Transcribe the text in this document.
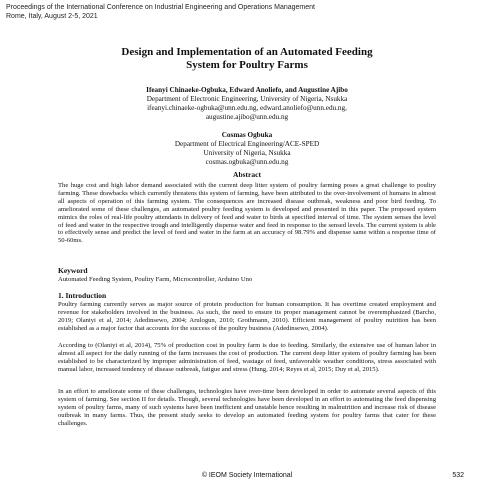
Proceedings of the International Conference on Industrial Engineering and Operations Management
Rome, Italy, August 2-5, 2021
Design and Implementation of an Automated Feeding
System for Poultry Farms
Ifeanyi Chinaeke-Ogbuka, Edward Anoliefo, and Augustine Ajibo
Department of Electronic Engineering, University of Nigeria, Nsukka
ifeanyi.chinaeke-ogbuka@unn.edu.ng, edward.anoliefo@unn.edu.ng,
augustine.ajibo@unn.edu.ng
Cosmas Ogbuka
Department of Electrical Engineering/ACE-SPED
University of Nigeria, Nsukka
cosmas.ogbuka@unn.edu.ng
Abstract
The huge cost and high labor demand associated with the current deep litter system of poultry farming poses a great challenge to poultry farming. These drawbacks which currently threatens this system of farming, have been attributed to the over-involvement of humans in almost all aspects of operation of this farming system. The consequences are increased disease outbreak, weakness and poor bird feeding. To ameliorated some of these challenges, an automated poultry feeding system is developed and presented in this paper. The proposed system mimics the roles of real-life poultry attendants in delivery of feed and water to birds at specified interval of time. The system senses the level of feed and water in the respective trough and intelligently dispense water and feed in response to the sensed levels. The current system is able to effectively sense and predict the level of feed and water in the farm at an accuracy of 98.79% and dispense same within a response time of 50-60ms.
Keyword
Automated Feeding System, Poultry Farm, Microcontroller, Arduino Uno
1. Introduction
Poultry farming currently serves as major source of protein production for human consumption. It has overtime created employment and revenue for stakeholders involved in the business. As such, the need to ensure its proper management cannot be overemphasized (Barcho, 2019; Olaniyi et al, 2014; Adedinsewo, 2004; Arulogun, 2010; Grothmann, 2010). Efficient management of poultry nutrition has been established as a major factor that accounts for the success of the poultry business (Adedinsewo, 2004).
According to (Olaniyi et al, 2014), 75% of production cost in poultry farm is due to feeding. Similarly, the extensive use of human labor in almost all aspect for the daily running of the farm increases the cost of production. The current deep litter system of poultry farming has been established to be characterized by improper administration of feed, wastage of feed, unfavorable weather conditions, stress associated with manual labor, increased tendency of disease outbreak, fatigue and stress (Hung, 2014; Reyes et al, 2015; Duy et al, 2015).
In an effort to ameliorate some of these challenges, technologies have over-time been developed in order to automate several aspects of this system of farming. See section II for details. Though, several technologies have been developed in an effort to automating the feed dispensing system of poultry farms, many of such systems have been inefficient and unstable hence resulting in malnutrition and increase risk of disease outbreak in many farms. Thus, the present study seeks to develop an automated feeding system for poultry farms that cater for these challenges.
© IEOM Society International	532
